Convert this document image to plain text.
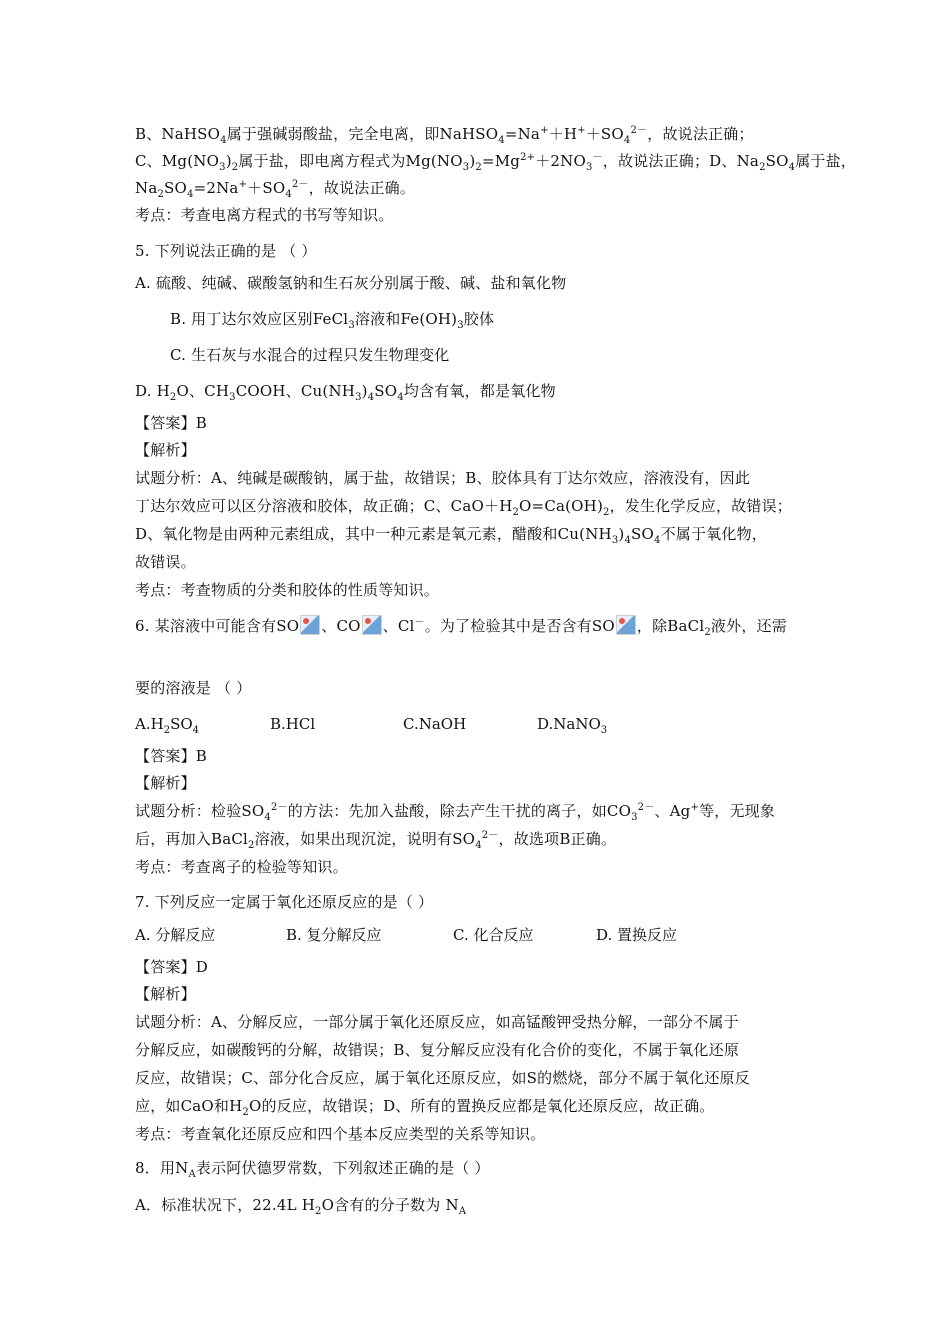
B、NaHSO$_4$属于强碱弱酸盐，完全电离，即$NaHSO_4=Na^++H^++SO_4^{2-}$，故说法正确；
C、$Mg(NO_3)_2$属于盐，即电离方程式为$Mg(NO_3)_2=Mg^{2+}+2NO_3^-$，故说法正确；D、$Na_2SO_4$属于盐，
$Na_2SO_4=2Na^++SO_4^{2-}$，故说法正确。
考点：考查电离方程式的书写等知识。
5. 下列说法正确的是 （ ）
A. 硫酸、纯碱、碳酸氢钠和生石灰分别属于酸、碱、盐和氧化物
B. 用丁达尔效应区别FeCl$_3$溶液和$Fe(OH)_3$胶体
C. 生石灰与水混合的过程只发生物理变化
D. $H_2O$、$CH_3COOH$、$Cu(NH_3)_4SO_4$均含有氧，都是氧化物
【答案】B
【解析】
试题分析：A、纯碱是碳酸钠，属于盐，故错误；B、胶体具有丁达尔效应，溶液没有，因此
丁达尔效应可以区分溶液和胶体，故正确；C、$CaO+H_2O=Ca(OH)_2$，发生化学反应，故错误；
D、氧化物是由两种元素组成，其中一种元素是氧元素，醋酸和$Cu(NH_3)_4SO_4$不属于氧化物，
故错误。
考点：考查物质的分类和胶体的性质等知识。
6. 某溶液中可能含有SO 、CO 、Cl－。为了检验其中是否含有SO ，除BaCl$_2$液外，还需
要的溶液是 （ ）
$A.H_2SO_4$	B.HCl	C.NaOH	D.NaNO$_3$
【答案】B
【解析】
试题分析：检验$SO_4^{2-}$的方法：先加入盐酸，除去产生干扰的离子，如$CO_3^{2-}$、Ag+等，无现象
后，再加入BaCl$_2$溶液，如果出现沉淀，说明有$SO_4^{2-}$，故选项B正确。
考点：考查离子的检验等知识。
7. 下列反应一定属于氧化还原反应的是（ ）
A. 分解反应	B. 复分解反应	C. 化合反应	D. 置换反应
【答案】D
【解析】
试题分析：A、分解反应，一部分属于氧化还原反应，如高锰酸钾受热分解，一部分不属于
分解反应，如碳酸钙的分解，故错误；B、复分解反应没有化合价的变化，不属于氧化还原
反应，故错误；C、部分化合反应，属于氧化还原反应，如S的燃烧，部分不属于氧化还原反
应，如CaO和$H_2O$的反应，故错误；D、所有的置换反应都是氧化还原反应，故正确。
考点：考查氧化还原反应和四个基本反应类型的关系等知识。
8．用$N_A$表示阿伏德罗常数，下列叙述正确的是（ ）
A．标准状况下，22.4L $H_2O$含有的分子数为 $N_A$
